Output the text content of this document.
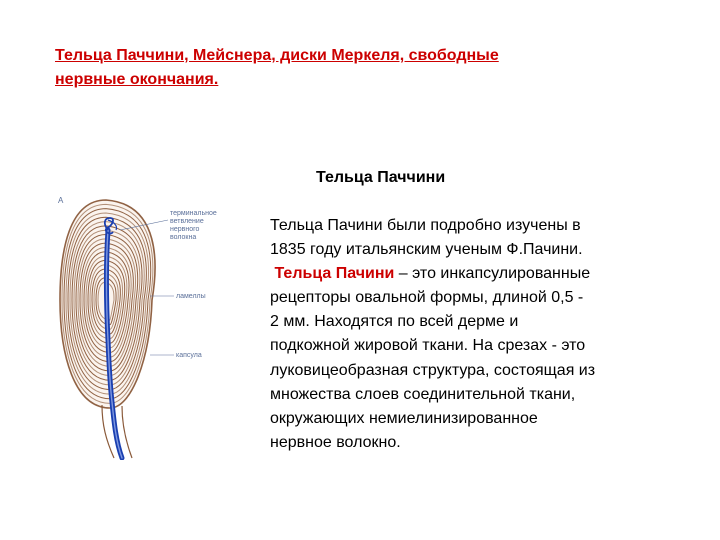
Тельца Паччини, Мейснера, диски Меркеля, свободные
нервные окончания.
A
терминальное
ветвление
нервного
волокна
ламеллы
капсула
Тельца Паччини
Тельца Пачини были подробно изучены в
1835 году итальянским ученым Ф.Пачини.
Тельца Пачини – это инкапсулированные
рецепторы овальной формы, длиной 0,5 -
2 мм. Находятся по всей дерме и
подкожной жировой ткани. На срезах - это
луковицеобразная структура, состоящая из
множества слоев соединительной ткани,
окружающих немиелинизированное
нервное волокно.
